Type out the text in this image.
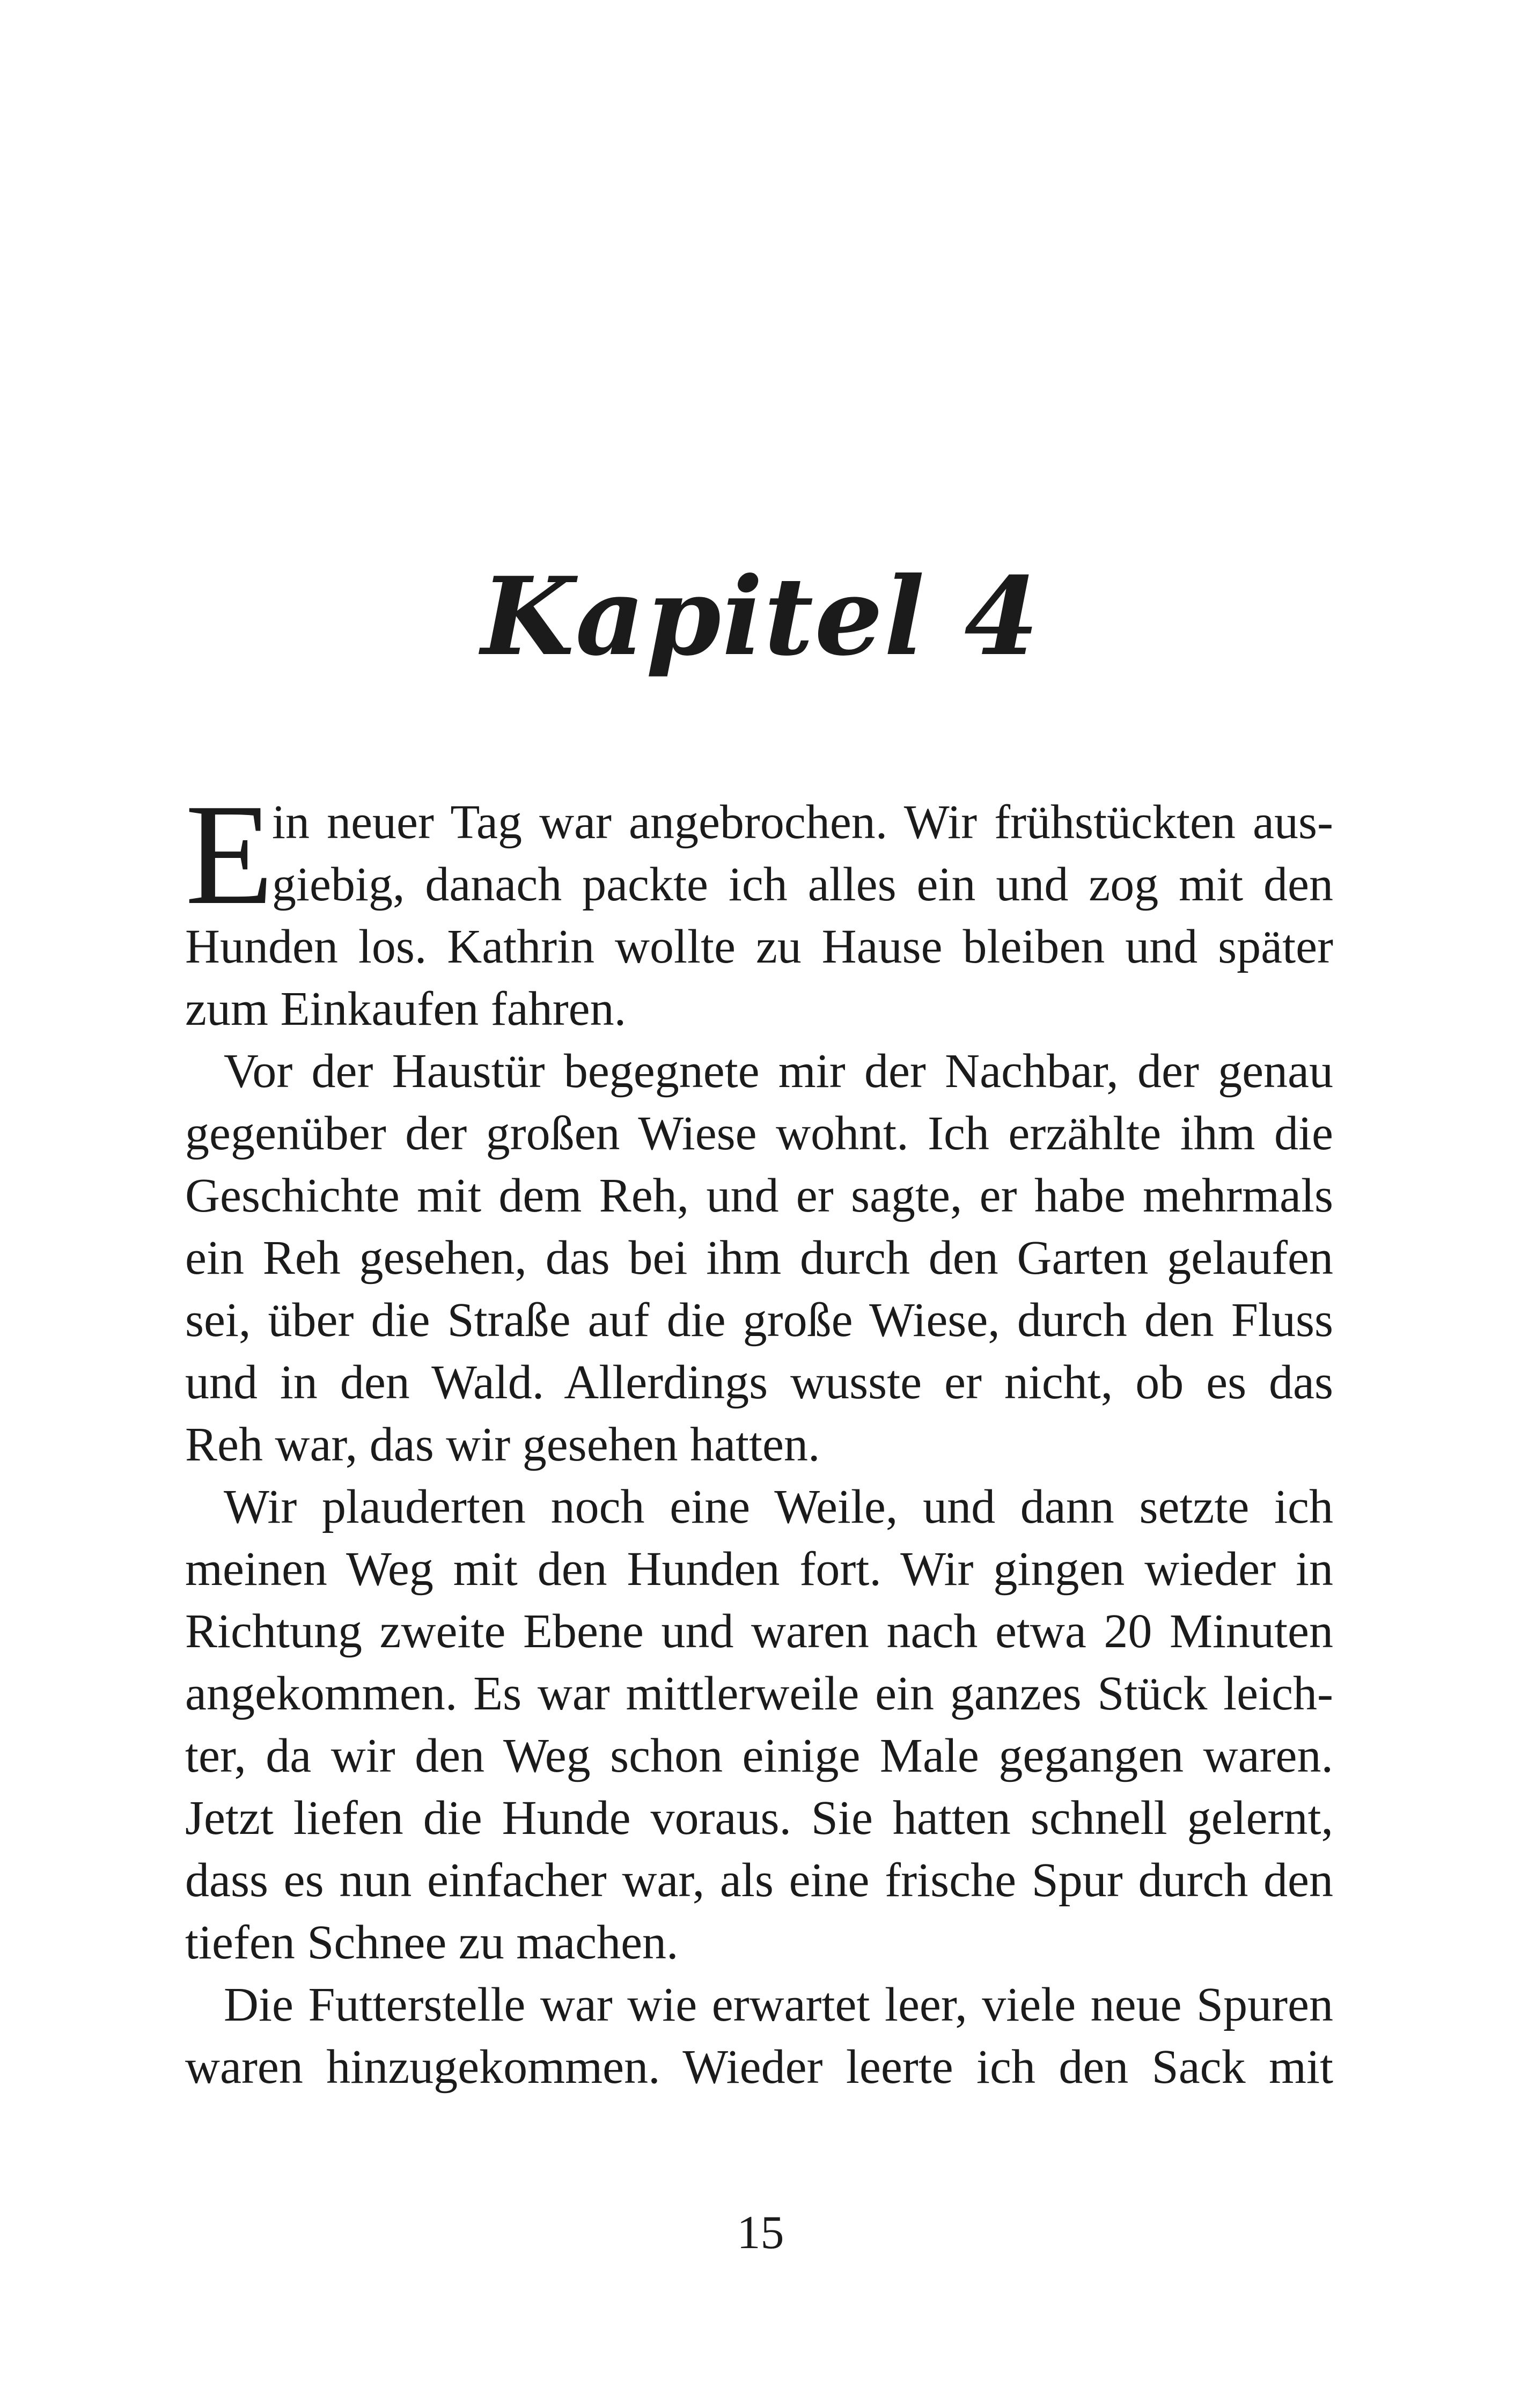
Kapitel 4
E
in neuer Tag war angebrochen. Wir frühstückten aus-
giebig, danach packte ich alles ein und zog mit den
Hunden los. Kathrin wollte zu Hause bleiben und später
zum Einkaufen fahren.
Vor der Haustür begegnete mir der Nachbar, der genau
gegenüber der großen Wiese wohnt. Ich erzählte ihm die
Geschichte mit dem Reh, und er sagte, er habe mehrmals
ein Reh gesehen, das bei ihm durch den Garten gelaufen
sei, über die Straße auf die große Wiese, durch den Fluss
und in den Wald. Allerdings wusste er nicht, ob es das
Reh war, das wir gesehen hatten.
Wir plauderten noch eine Weile, und dann setzte ich
meinen Weg mit den Hunden fort. Wir gingen wieder in
Richtung zweite Ebene und waren nach etwa 20 Minuten
angekommen. Es war mittlerweile ein ganzes Stück leich-
ter, da wir den Weg schon einige Male gegangen waren.
Jetzt liefen die Hunde voraus. Sie hatten schnell gelernt,
dass es nun einfacher war, als eine frische Spur durch den
tiefen Schnee zu machen.
Die Futterstelle war wie erwartet leer, viele neue Spuren
waren hinzugekommen. Wieder leerte ich den Sack mit
15
